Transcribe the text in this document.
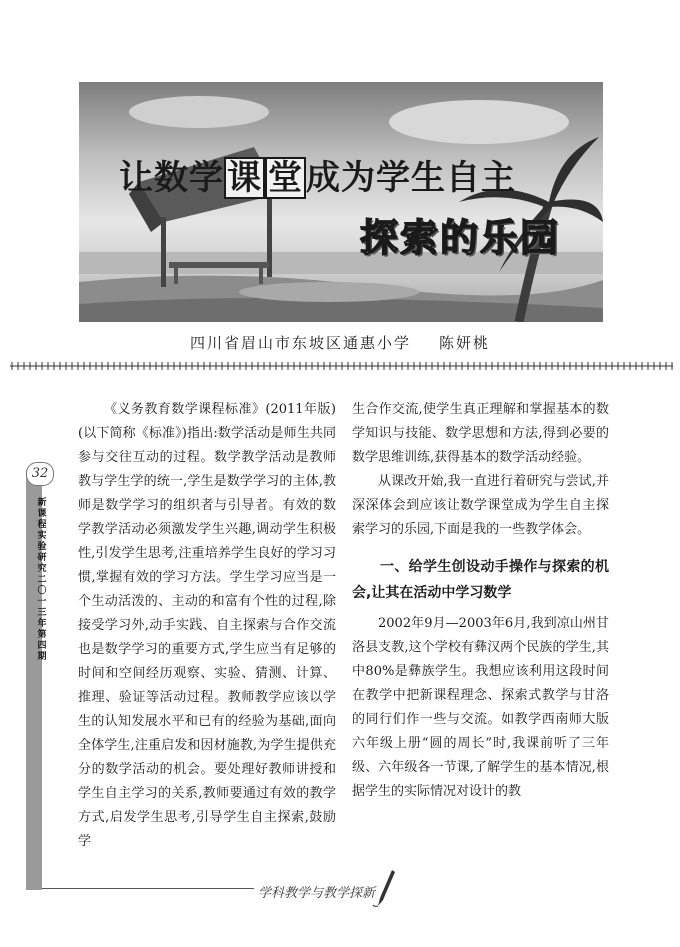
让数学课 堂成为学生自主
探索的乐园
四川省眉山市东坡区通惠小学 陈妍桃
32
新课程实验研究 二〇一三年 第四期

《义务教育数学课程标准》(2011年版)(以下简称《标准》)指出:数学活动是师生共同参与交往互动的过程。数学教学活动是教师教与学生学的统一,学生是数学学习的主体,教师是数学学习的组织者与引导者。有效的数学教学活动必须激发学生兴趣,调动学生积极性,引发学生思考,注重培养学生良好的学习习惯,掌握有效的学习方法。学生学习应当是一个生动活泼的、主动的和富有个性的过程,除接受学习外,动手实践、自主探索与合作交流也是数学学习的重要方式,学生应当有足够的时间和空间经历观察、实验、猜测、计算、推理、验证等活动过程。教师教学应该以学生的认知发展水平和已有的经验为基础,面向全体学生,注重启发和因材施教,为学生提供充分的数学活动的机会。要处理好教师讲授和学生自主学习的关系,教师要通过有效的教学方式,启发学生思考,引导学生自主探索,鼓励学

生合作交流,使学生真正理解和掌握基本的数学知识与技能、数学思想和方法,得到必要的数学思维训练,获得基本的数学活动经验。

从课改开始,我一直进行着研究与尝试,并深深体会到应该让数学课堂成为学生自主探索学习的乐园,下面是我的一些教学体会。

一、给学生创设动手操作与探索的机会,让其在活动中学习数学

2002年9月—2003年6月,我到凉山州甘洛县支教,这个学校有彝汉两个民族的学生,其中80%是彝族学生。我想应该利用这段时间在教学中把新课程理念、探索式教学与甘洛的同行们作一些与交流。如教学西南师大版六年级上册“圆的周长”时,我课前听了三年级、六年级各一节课,了解学生的基本情况,根据学生的实际情况对设计的教

学科教学与教学探新
